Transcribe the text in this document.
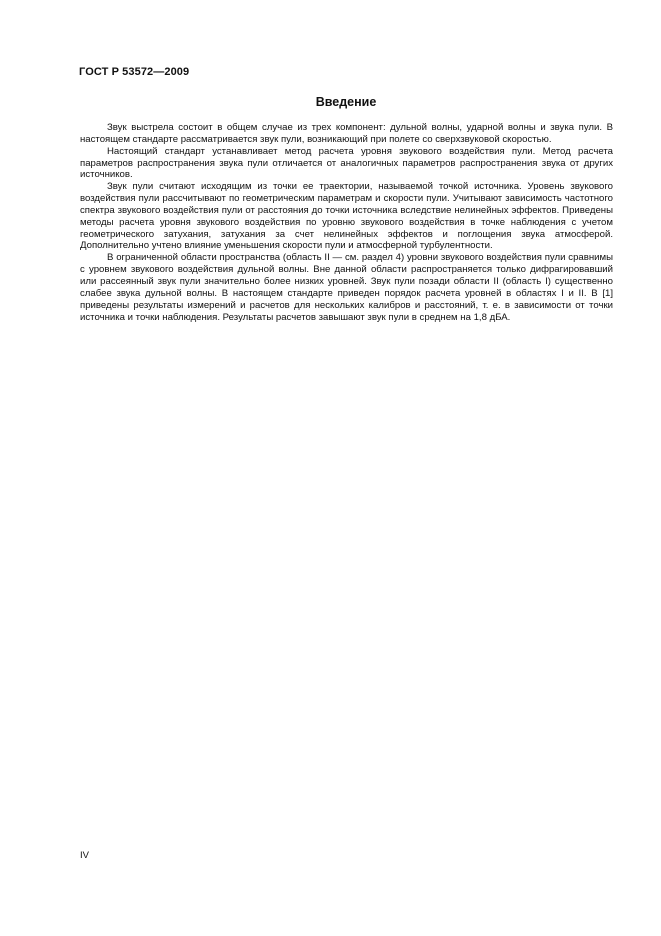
ГОСТ Р 53572—2009
Введение

Звук выстрела состоит в общем случае из трех компонент: дульной волны, ударной волны и звука пули. В настоящем стандарте рассматривается звук пули, возникающий при полете со сверхзвуковой скоростью.

Настоящий стандарт устанавливает метод расчета уровня звукового воздействия пули. Метод расчета параметров распространения звука пули отличается от аналогичных параметров распространения звука от других источников.

Звук пули считают исходящим из точки ее траектории, называемой точкой источника. Уровень звукового воздействия пули рассчитывают по геометрическим параметрам и скорости пули. Учитывают зависимость частотного спектра звукового воздействия пули от расстояния до точки источника вследствие нелинейных эффектов. Приведены методы расчета уровня звукового воздействия по уровню звукового воздействия в точке наблюдения с учетом геометрического затухания, затухания за счет нелинейных эффектов и поглощения звука атмосферой. Дополнительно учтено влияние уменьшения скорости пули и атмосферной турбулентности.

В ограниченной области пространства (область II — см. раздел 4) уровни звукового воздействия пули сравнимы с уровнем звукового воздействия дульной волны. Вне данной области распространяется только дифрагировавший или рассеянный звук пули значительно более низких уровней. Звук пули позади области II (область I) существенно слабее звука дульной волны. В настоящем стандарте приведен порядок расчета уровней в областях I и II. В [1] приведены результаты измерений и расчетов для нескольких калибров и расстояний, т. е. в зависимости от точки источника и точки наблюдения. Результаты расчетов завышают звук пули в среднем на 1,8 дБА.

IV
